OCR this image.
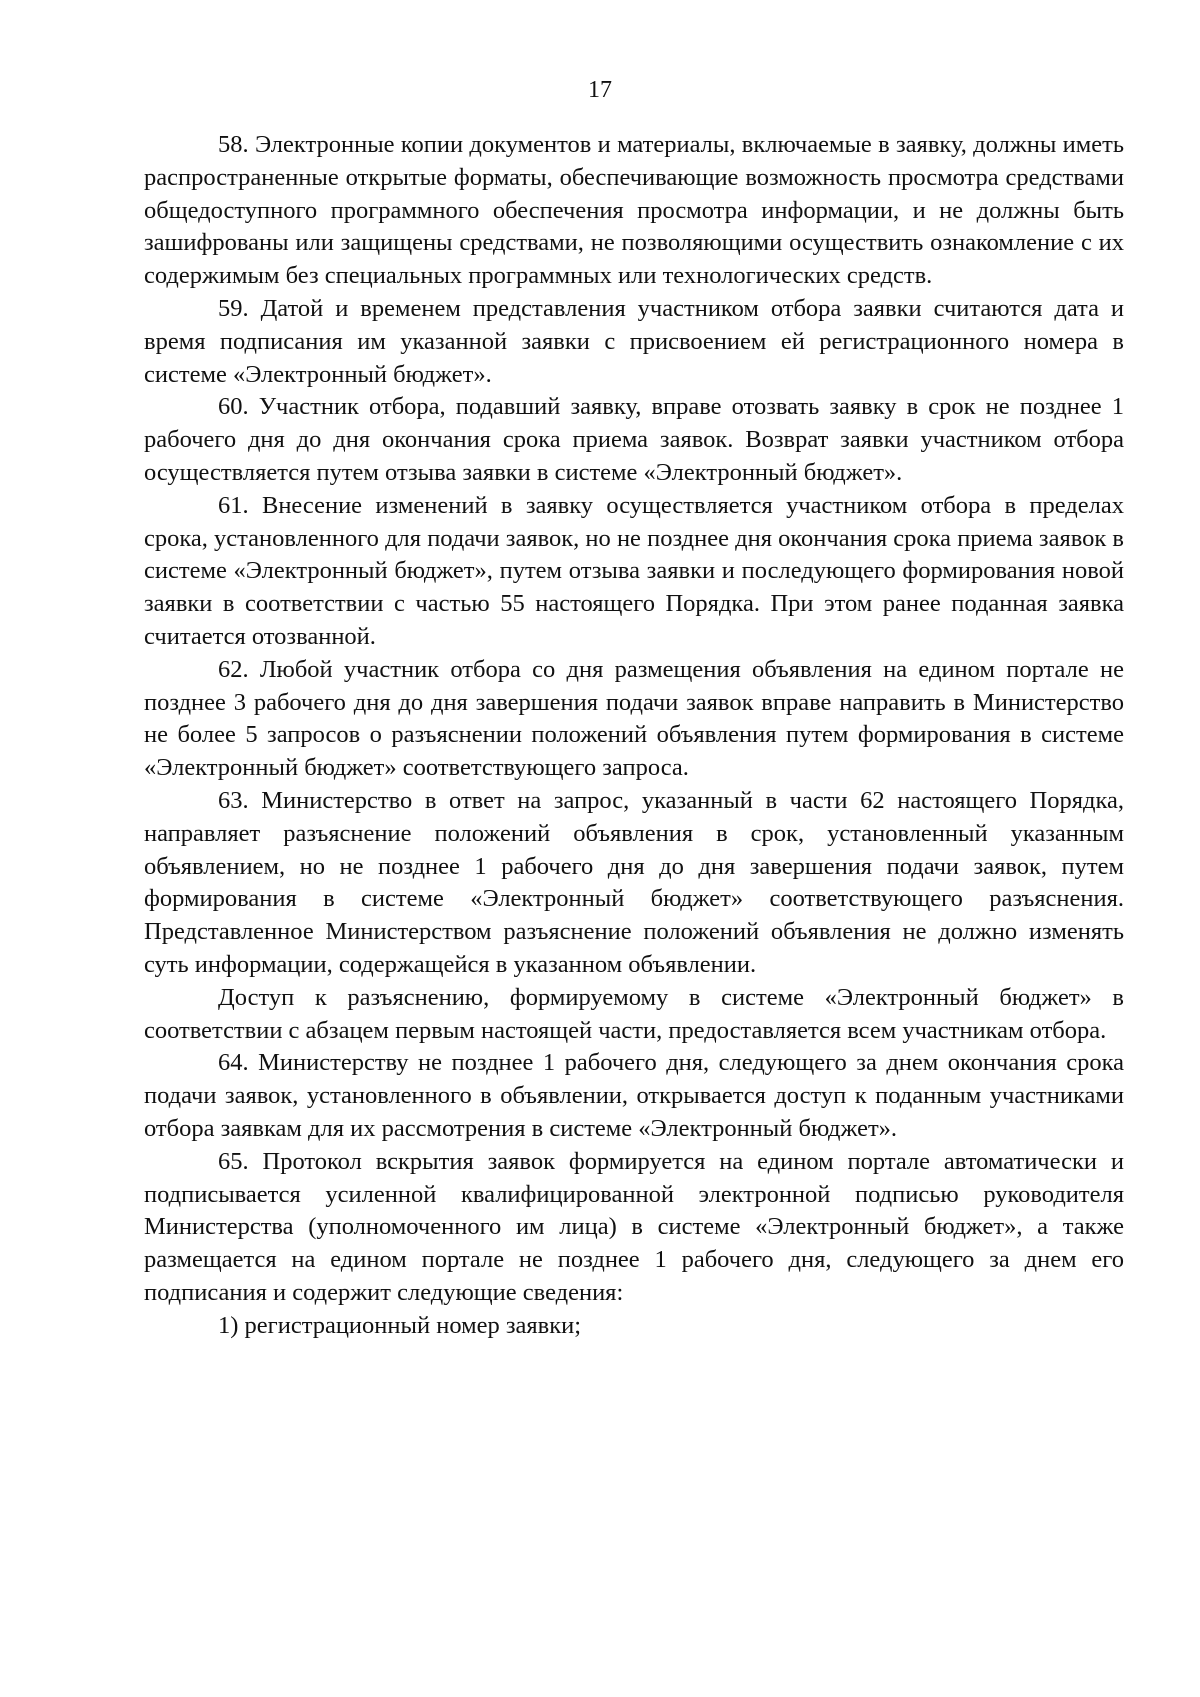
17

58. Электронные копии документов и материалы, включаемые в заявку, должны иметь распространенные открытые форматы, обеспечивающие возможность просмотра средствами общедоступного программного обеспечения просмотра информации, и не должны быть зашифрованы или защищены средствами, не позволяющими осуществить ознакомление с их содержимым без специальных программных или технологических средств.

59. Датой и временем представления участником отбора заявки считаются дата и время подписания им указанной заявки с присвоением ей регистрационного номера в системе «Электронный бюджет».

60. Участник отбора, подавший заявку, вправе отозвать заявку в срок не позднее 1 рабочего дня до дня окончания срока приема заявок. Возврат заявки участником отбора осуществляется путем отзыва заявки в системе «Электронный бюджет».

61. Внесение изменений в заявку осуществляется участником отбора в пределах срока, установленного для подачи заявок, но не позднее дня окончания срока приема заявок в системе «Электронный бюджет», путем отзыва заявки и последующего формирования новой заявки в соответствии с частью 55 настоящего Порядка. При этом ранее поданная заявка считается отозванной.

62. Любой участник отбора со дня размещения объявления на едином портале не позднее 3 рабочего дня до дня завершения подачи заявок вправе направить в Министерство не более 5 запросов о разъяснении положений объявления путем формирования в системе «Электронный бюджет» соответствующего запроса.

63. Министерство в ответ на запрос, указанный в части 62 настоящего Порядка, направляет разъяснение положений объявления в срок, установленный указанным объявлением, но не позднее 1 рабочего дня до дня завершения подачи заявок, путем формирования в системе «Электронный бюджет» соответствующего разъяснения. Представленное Министерством разъяснение положений объявления не должно изменять суть информации, содержащейся в указанном объявлении.

Доступ к разъяснению, формируемому в системе «Электронный бюджет» в соответствии с абзацем первым настоящей части, предоставляется всем участникам отбора.

64. Министерству не позднее 1 рабочего дня, следующего за днем окончания срока подачи заявок, установленного в объявлении, открывается доступ к поданным участниками отбора заявкам для их рассмотрения в системе «Электронный бюджет».

65. Протокол вскрытия заявок формируется на едином портале автоматически и подписывается усиленной квалифицированной электронной подписью руководителя Министерства (уполномоченного им лица) в системе «Электронный бюджет», а также размещается на едином портале не позднее 1 рабочего дня, следующего за днем его подписания и содержит следующие сведения:

1) регистрационный номер заявки;
